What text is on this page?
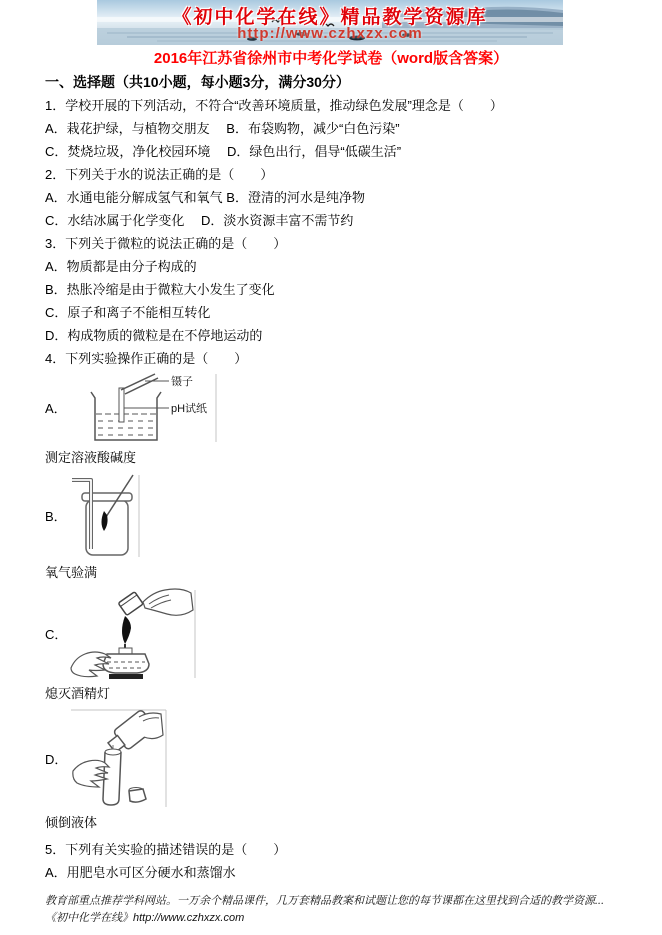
《初中化学在线》精品教学资源库
http://www.czhxzx.com
2016年江苏省徐州市中考化学试卷（word版含答案）
一、选择题（共10小题，每小题3分，满分30分）
1．学校开展的下列活动，不符合“改善环境质量，推动绿色发展”理念是（　　）
A．栽花护绿，与植物交朋友　 B．布袋购物，减少“白色污染”
C．焚烧垃圾，净化校园环境　 D．绿色出行，倡导“低碳生活”
2．下列关于水的说法正确的是（　　）
A．水通电能分解成氢气和氧气 B．澄清的河水是纯净物
C．水结冰属于化学变化　 D．淡水资源丰富不需节约
3．下列关于微粒的说法正确的是（　　）
A．物质都是由分子构成的
B．热胀冷缩是由于微粒大小发生了变化
C．原子和离子不能相互转化
D．构成物质的微粒是在不停地运动的
4．下列实验操作正确的是（　　）
A．
镊子
pH试纸
测定溶液酸碱度
B．
氧气验满
C．
熄灭酒精灯
D．
倾倒液体
5．下列有关实验的描述错误的是（　　）
A．用肥皂水可区分硬水和蒸馏水
教育部重点推荐学科网站。一万余个精品课件，几万套精品教案和试题让您的每节课都在这里找到合适的教学资源...《初中化学在线》http://www.czhxzx.com
